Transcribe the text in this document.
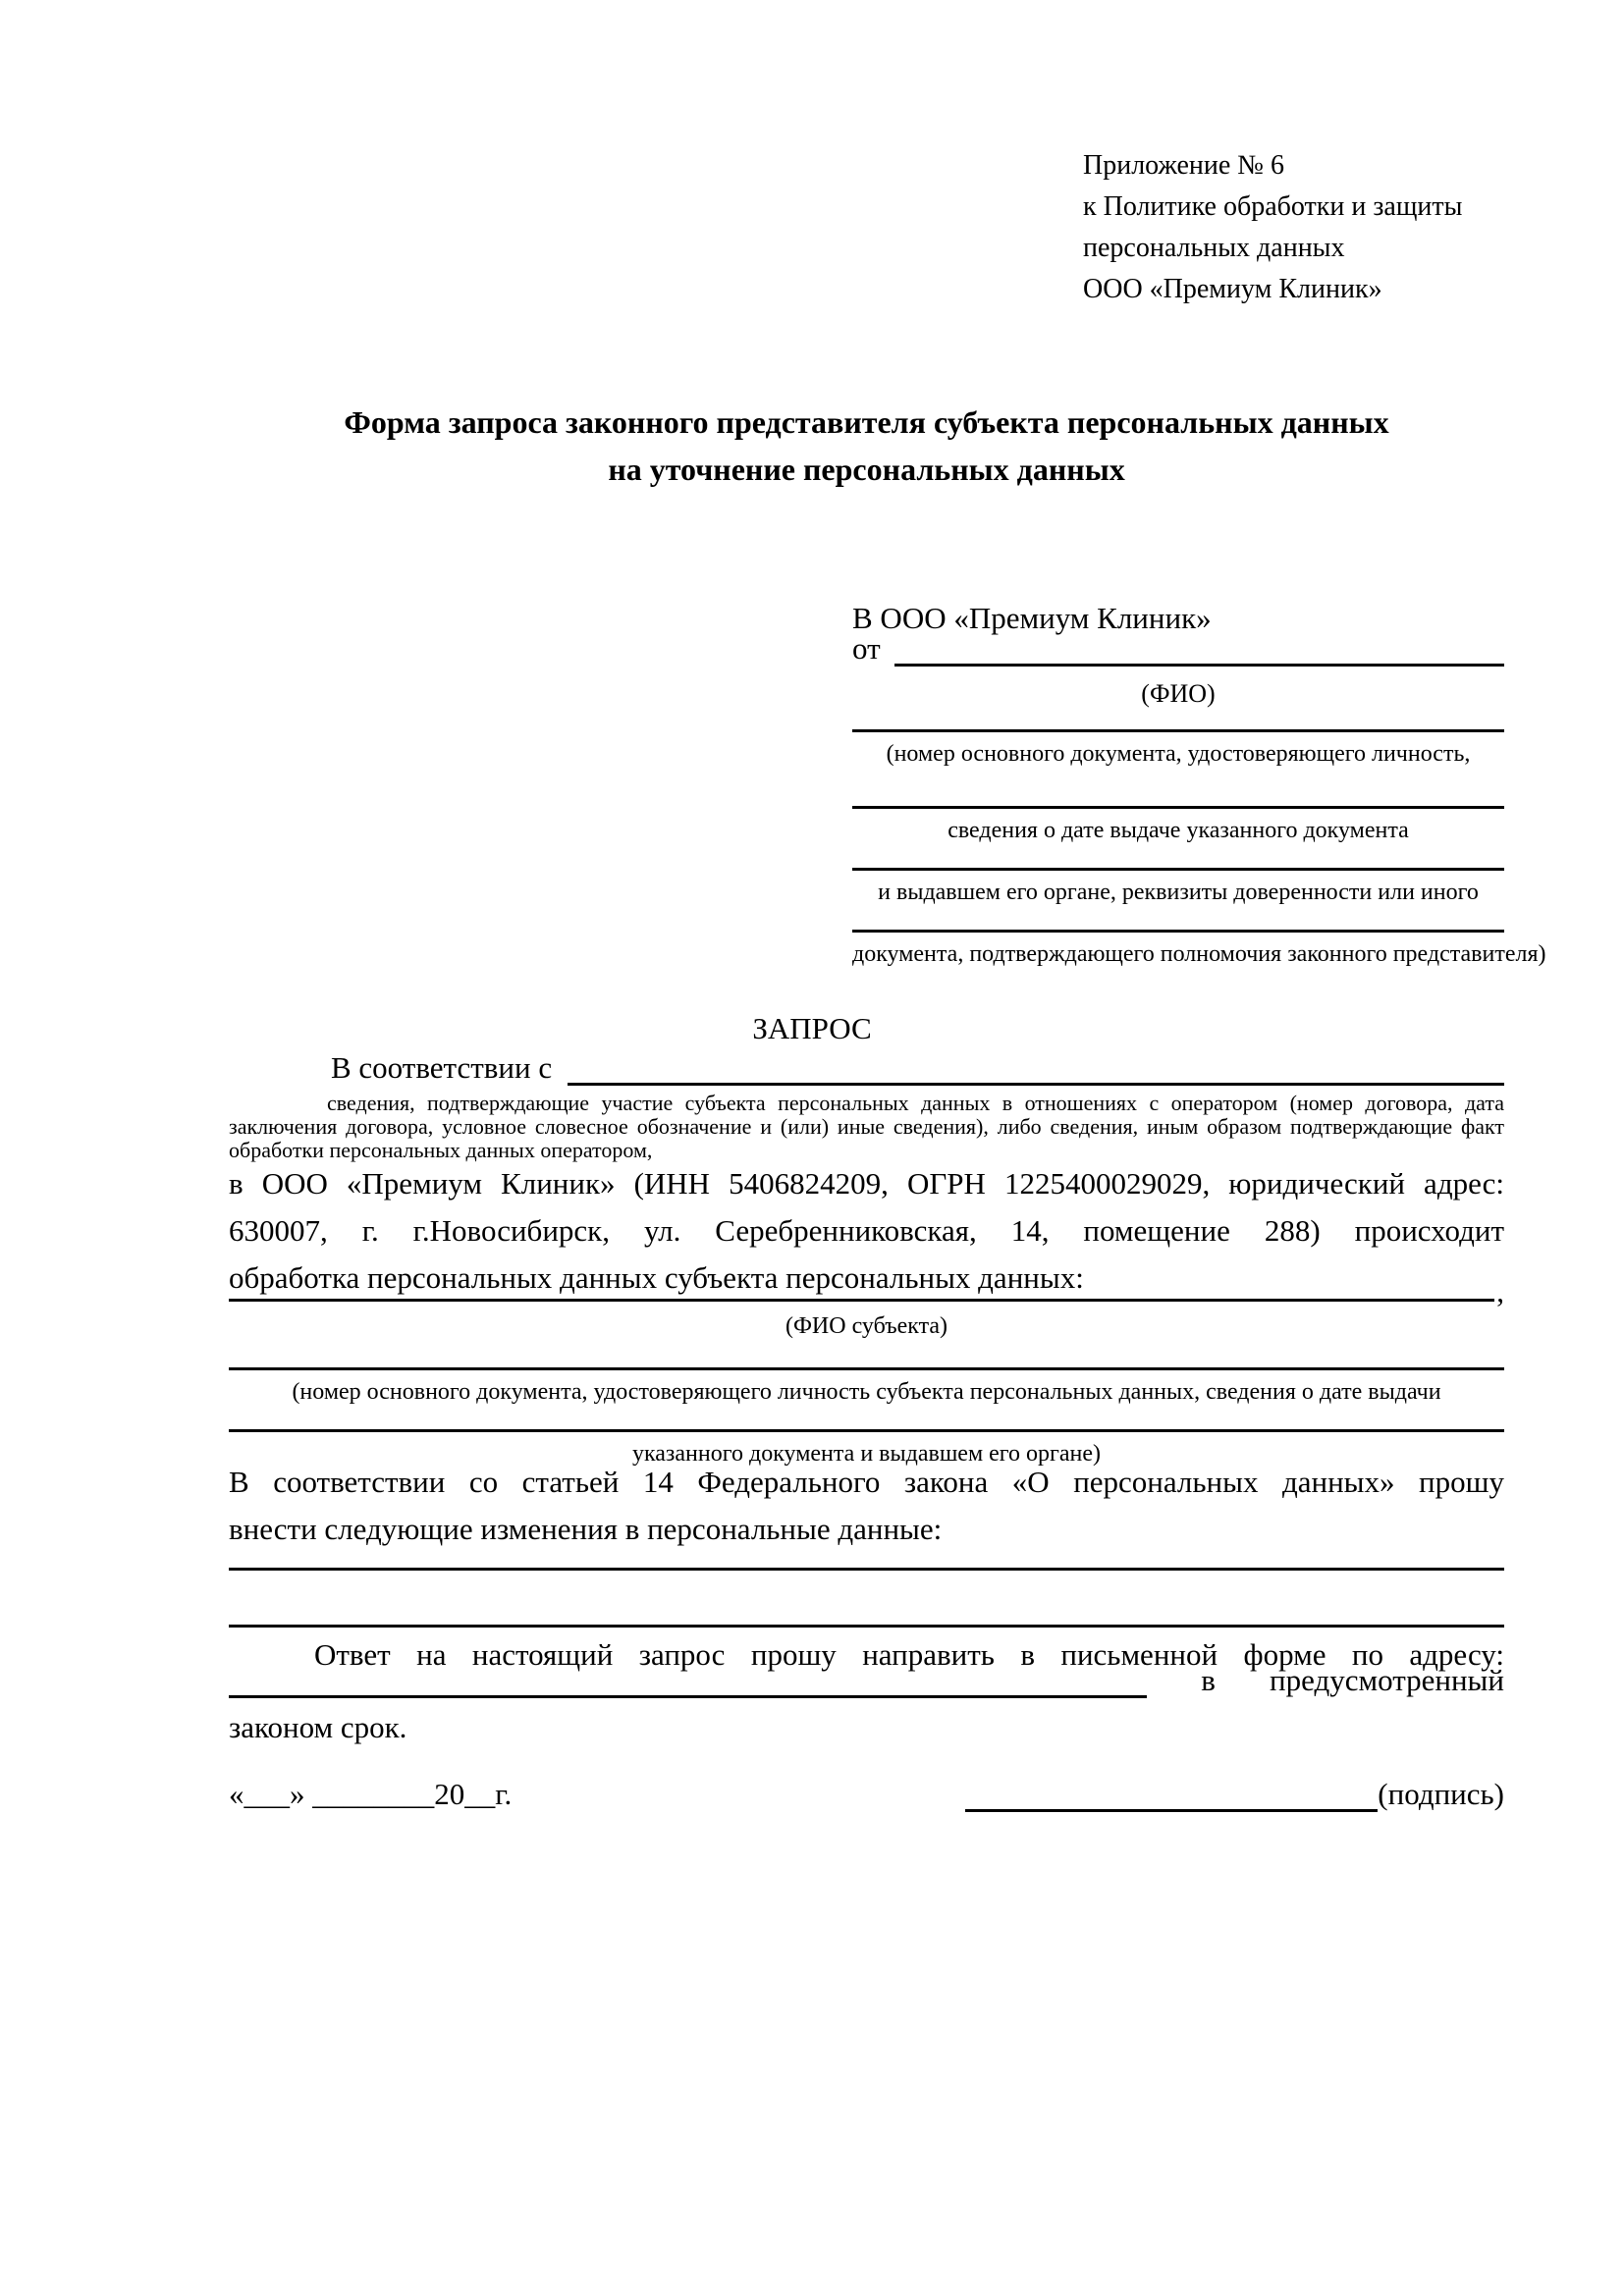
Приложение № 6
к Политике обработки и защиты
персональных данных
ООО «Премиум Клиник»
Форма запроса законного представителя субъекта персональных данных
на уточнение персональных данных
В ООО «Премиум Клиник»
от
(ФИО)
(номер основного документа, удостоверяющего личность,
сведения о дате выдаче указанного документа
и выдавшем его органе, реквизиты доверенности или иного
документа, подтверждающего полномочия законного представителя)
ЗАПРОС
В соответствии с
сведения, подтверждающие участие субъекта персональных данных в отношениях с оператором (номер договора, дата
заключения договора, условное словесное обозначение и (или) иные сведения), либо сведения, иным образом подтверждающие факт
обработки персональных данных оператором,
в ООО «Премиум Клиник» (ИНН 5406824209, ОГРН 1225400029029, юридический адрес:
630007, г. г.Новосибирск, ул. Серебренниковская, 14, помещение 288) происходит
обработка персональных данных субъекта персональных данных:	,
(ФИО субъекта)
(номер основного документа, удостоверяющего личность субъекта персональных данных, сведения о дате выдачи
указанного документа и выдавшем его органе)
В соответствии со статьей 14 Федерального закона «О персональных данных» прошу
внести следующие изменения в персональные данные:
Ответ на настоящий запрос прошу направить в письменной форме по адресу:
в предусмотренный
законом срок.
«___» ________20__г.	(подпись)
